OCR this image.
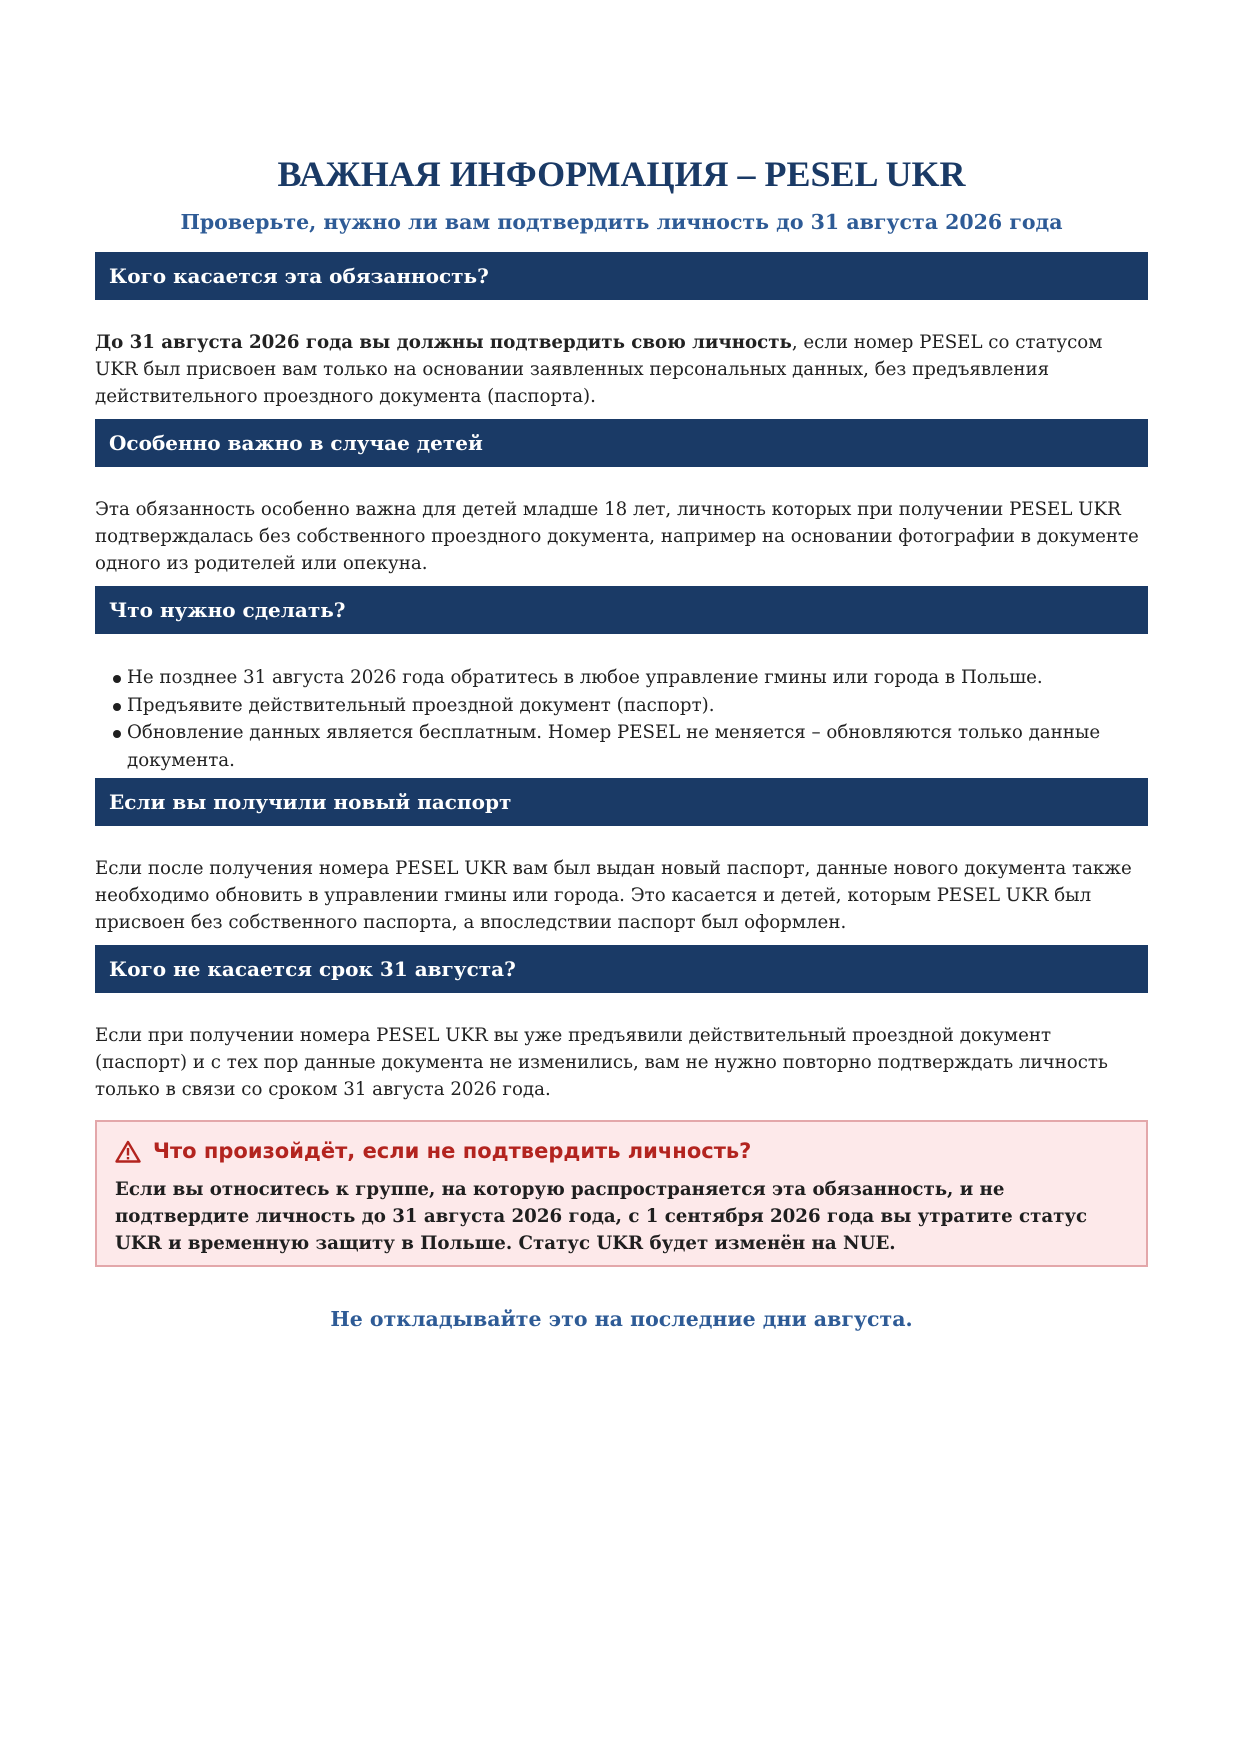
ВАЖНАЯ ИНФОРМАЦИЯ – PESEL UKR
Проверьте, нужно ли вам подтвердить личность до 31 августа 2026 года
Кого касается эта обязанность?
До 31 августа 2026 года вы должны подтвердить свою личность, если номер PESEL со статусом UKR был присвоен вам только на основании заявленных персональных данных, без предъявления действительного проездного документа (паспорта).
Особенно важно в случае детей
Эта обязанность особенно важна для детей младше 18 лет, личность которых при получении PESEL UKR подтверждалась без собственного проездного документа, например на основании фотографии в документе одного из родителей или опекуна.
Что нужно сделать?
Не позднее 31 августа 2026 года обратитесь в любое управление гмины или города в Польше.
Предъявите действительный проездной документ (паспорт).
Обновление данных является бесплатным. Номер PESEL не меняется – обновляются только данные документа.
Если вы получили новый паспорт
Если после получения номера PESEL UKR вам был выдан новый паспорт, данные нового документа также необходимо обновить в управлении гмины или города. Это касается и детей, которым PESEL UKR был присвоен без собственного паспорта, а впоследствии паспорт был оформлен.
Кого не касается срок 31 августа?
Если при получении номера PESEL UKR вы уже предъявили действительный проездной документ (паспорт) и с тех пор данные документа не изменились, вам не нужно повторно подтверждать личность только в связи со сроком 31 августа 2026 года.
Что произойдёт, если не подтвердить личность?
Если вы относитесь к группе, на которую распространяется эта обязанность, и не подтвердите личность до 31 августа 2026 года, с 1 сентября 2026 года вы утратите статус UKR и временную защиту в Польше. Статус UKR будет изменён на NUE.
Не откладывайте это на последние дни августа.
